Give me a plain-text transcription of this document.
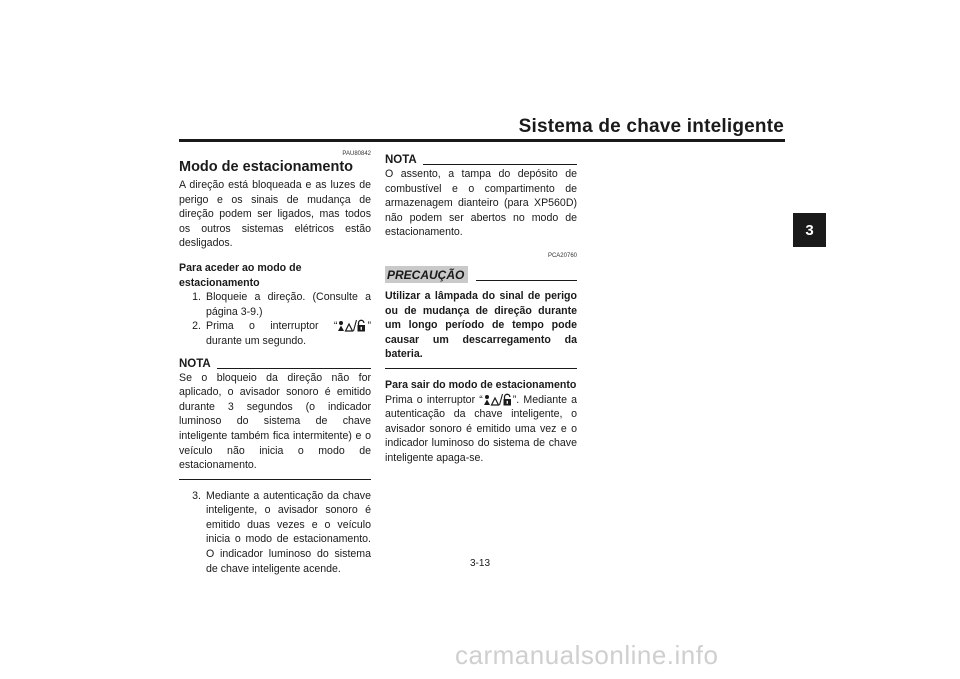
Sistema de chave inteligente
3
PAU80842
Modo de estacionamento

A direção está bloqueada e as luzes de perigo e os sinais de mudança de direção podem ser ligados, mas todos os outros sistemas elétricos estão desligados.

Para aceder ao modo de estacionamento
1. Bloqueie a direção. (Consulte a página 3-9.)
2. Prima o interruptor “	” durante um segundo.
NOTA

Se o bloqueio da direção não for aplicado, o avisador sonoro é emitido durante 3 segundos (o indicador luminoso do sistema de chave inteligente também fica intermitente) e o veículo não inicia o modo de estacionamento.

3. Mediante a autenticação da chave inteligente, o avisador sonoro é emitido duas vezes e o veículo inicia o modo de estacionamento. O indicador luminoso do sistema de chave inteligente acende.
NOTA

O assento, a tampa do depósito de combustível e o compartimento de armazenagem dianteiro (para XP560D) não podem ser abertos no modo de estacionamento.

PCA20760
PRECAUÇÃO

Utilizar a lâmpada do sinal de perigo ou de mudança de direção durante um longo período de tempo pode causar um descarregamento da bateria.

Para sair do modo de estacionamento

Prima o interruptor “	”. Mediante a autenticação da chave inteligente, o avisador sonoro é emitido uma vez e o indicador luminoso do sistema de chave inteligente apaga-se.

3-13
carmanualsonline.info
